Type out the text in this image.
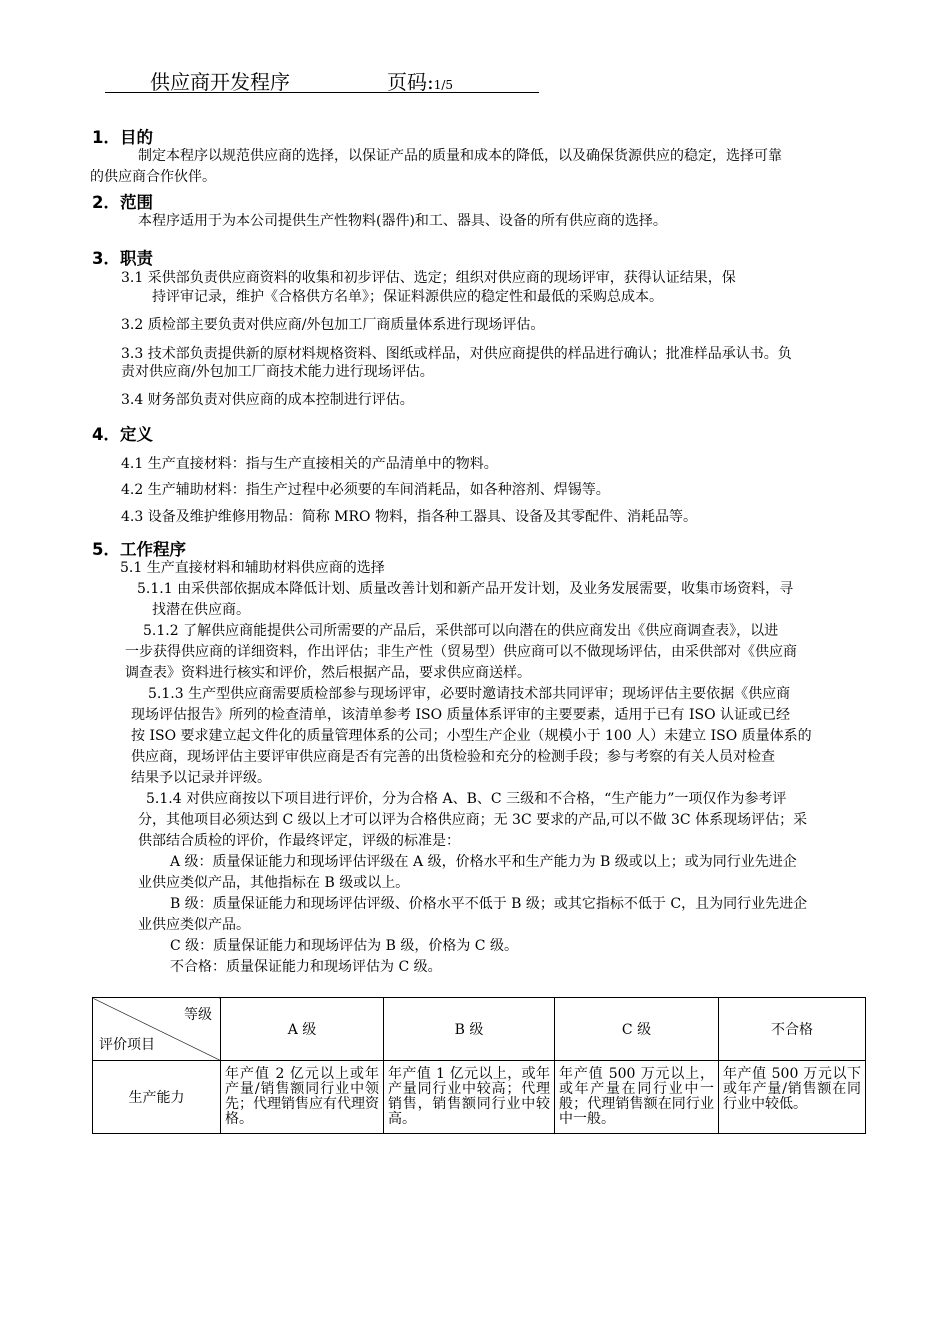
供应商开发程序	页码:1/5
1．目的
制定本程序以规范供应商的选择，以保证产品的质量和成本的降低，以及确保货源供应的稳定，选择可靠
的供应商合作伙伴。
2．范围
本程序适用于为本公司提供生产性物料(器件)和工、器具、设备的所有供应商的选择。
3．职责
3.1 采供部负责供应商资料的收集和初步评估、选定；组织对供应商的现场评审，获得认证结果，保
持评审记录，维护《合格供方名单》；保证料源供应的稳定性和最低的采购总成本。
3.2 质检部主要负责对供应商/外包加工厂商质量体系进行现场评估。
3.3 技术部负责提供新的原材料规格资料、图纸或样品，对供应商提供的样品进行确认；批准样品承认书。负
责对供应商/外包加工厂商技术能力进行现场评估。
3.4 财务部负责对供应商的成本控制进行评估。
4．定义
4.1 生产直接材料：指与生产直接相关的产品清单中的物料。
4.2 生产辅助材料：指生产过程中必须要的车间消耗品，如各种溶剂、焊锡等。
4.3 设备及维护维修用物品：简称 MRO 物料，指各种工器具、设备及其零配件、消耗品等。
5．工作程序
5.1 生产直接材料和辅助材料供应商的选择
5.1.1 由采供部依据成本降低计划、质量改善计划和新产品开发计划，及业务发展需要，收集市场资料，寻
找潜在供应商。
5.1.2 了解供应商能提供公司所需要的产品后，采供部可以向潜在的供应商发出《供应商调查表》，以进
一步获得供应商的详细资料，作出评估；非生产性（贸易型）供应商可以不做现场评估，由采供部对《供应商
调查表》资料进行核实和评价，然后根据产品，要求供应商送样。
5.1.3 生产型供应商需要质检部参与现场评审，必要时邀请技术部共同评审；现场评估主要依据《供应商
现场评估报告》所列的检查清单，该清单参考 ISO 质量体系评审的主要要素，适用于已有 ISO 认证或已经
按 ISO 要求建立起文件化的质量管理体系的公司；小型生产企业（规模小于 100 人）未建立 ISO 质量体系的
供应商，现场评估主要评审供应商是否有完善的出货检验和充分的检测手段；参与考察的有关人员对检查
结果予以记录并评级。
5.1.4 对供应商按以下项目进行评价，分为合格 A、B、C 三级和不合格，“生产能力”一项仅作为参考评
分，其他项目必须达到 C 级以上才可以评为合格供应商；无 3C 要求的产品,可以不做 3C 体系现场评估；采
供部结合质检的评价，作最终评定，评级的标准是：
A 级：质量保证能力和现场评估评级在 A 级，价格水平和生产能力为 B 级或以上；或为同行业先进企
业供应类似产品，其他指标在 B 级或以上。
B 级：质量保证能力和现场评估评级、价格水平不低于 B 级；或其它指标不低于 C，且为同行业先进企
业供应类似产品。
C 级：质量保证能力和现场评估为 B 级，价格为 C 级。
不合格：质量保证能力和现场评估为 C 级。
等级
评价项目	A 级	B 级	C 级	不合格
生产能力	年产值 2 亿元以上或年产量/销售额同行业中领先；代理销售应有代理资格。	年产值 1 亿元以上，或年产量同行业中较高；代理销售，销售额同行业中较高。	年产值 500 万元以上，或年产量在同行业中一般；代理销售额在同行业中一般。	年产值 500 万元以下或年产量/销售额在同行业中较低。
